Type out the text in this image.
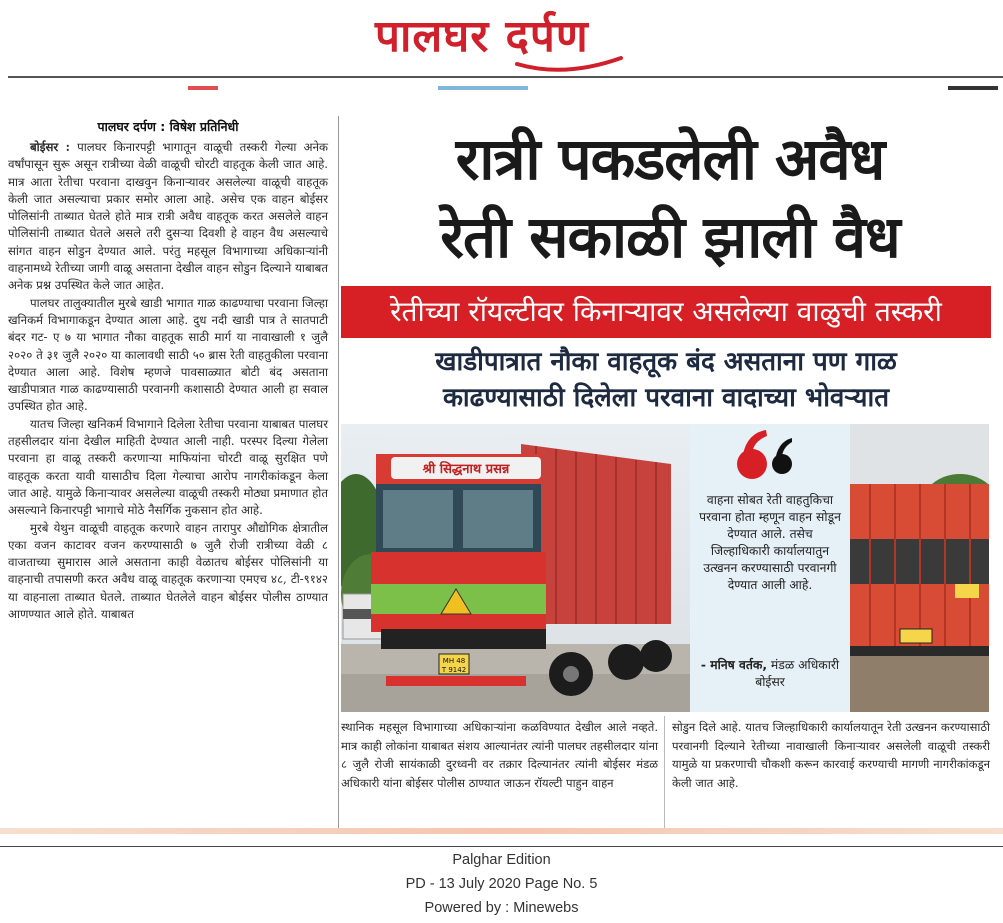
पालघर दर्पण
पालघर दर्पण : विषेश प्रतिनिधी

बोईसर : पालघर किनारपट्टी भागातून वाळूची तस्करी गेल्या अनेक वर्षांपासून सुरू असून रात्रीच्या वेळी वाळूची चोरटी वाहतूक केली जात आहे. मात्र आता रेतीचा परवाना दाखवुन किनाऱ्यावर असलेल्या वाळूची वाहतूक केली जात असल्याचा प्रकार समोर आला आहे. असेच एक वाहन बोईसर पोलिसांनी ताब्यात घेतले होते मात्र रात्री अवैध वाहतूक करत असलेले वाहन पोलिसांनी ताब्यात घेतले असले तरी दुसऱ्या दिवशी हे वाहन वैध असल्याचे सांगत वाहन सोडुन देण्यात आले. परंतु महसूल विभागाच्या अधिकाऱ्यांनी वाहनामध्ये रेतीच्या जागी वाळू असताना देखील वाहन सोडुन दिल्याने याबाबत अनेक प्रश्न उपस्थित केले जात आहेत.

पालघर तालुक्यातील मुरबे खाडी भागात गाळ काढण्याचा परवाना जिल्हा खनिकर्म विभागाकडून देण्यात आला आहे. दुध नदी खाडी पात्र ते सातपाटी बंदर गट- ए ७ या भागात नौका वाहतूक साठी मार्ग या नावाखाली १ जुलै २०२० ते ३१ जुलै २०२० या कालावधी साठी ५० ब्रास रेती वाहतुकीला परवाना देण्यात आला आहे. विशेष म्हणजे पावसाळ्यात बोटी बंद असताना खाडीपात्रात गाळ काढण्यासाठी परवानगी कशासाठी देण्यात आली हा सवाल उपस्थित होत आहे.

यातच जिल्हा खनिकर्म विभागाने दिलेला रेतीचा परवाना याबाबत पालघर तहसीलदार यांना देखील माहिती देण्यात आली नाही. परस्पर दिल्या गेलेला परवाना हा वाळू तस्करी करणाऱ्या माफियांना चोरटी वाळू सुरक्षित पणे वाहतूक करता यावी यासाठीच दिला गेल्याचा आरोप नागरीकांकडून केला जात आहे. यामुळे किनाऱ्यावर असलेल्या वाळूची तस्करी मोठ्या प्रमाणात होत असल्याने किनारपट्टी भागाचे मोठे नैसर्गिक नुकसान होत आहे.

मुरबे येथुन वाळूची वाहतूक करणारे वाहन तारापुर औद्योगिक क्षेत्रातील एका वजन काटावर वजन करण्यासाठी ७ जुलै रोजी रात्रीच्या वेळी ८ वाजताच्या सुमारास आले असताना काही वेळातच बोईसर पोलिसांनी या वाहनाची तपासणी करत अवैध वाळू वाहतूक करणाऱ्या एमएच ४८, टी-९१४२ या वाहनाला ताब्यात घेतले. ताब्यात घेतलेले वाहन बोईसर पोलीस ठाण्यात आणण्यात आले होते. याबाबत

रात्री पकडलेली अवैध
रेती सकाळी झाली वैध
रेतीच्या रॉयल्टीवर किनाऱ्यावर असलेल्या वाळुची तस्करी
खाडीपात्रात नौका वाहतूक बंद असताना पण गाळ
काढण्यासाठी दिलेला परवाना वादाच्या भोवऱ्यात
श्री सिद्धनाथ प्रसन्न
MH 48
T 9142
वाहना सोबत रेती वाहतुकिचा परवाना होता म्हणून वाहन सोडून देण्यात आले. तसेच जिल्हाधिकारी कार्यालयातुन उत्खनन करण्यासाठी परवानगी देण्यात आली आहे.
- मनिष वर्तक, मंडळ अधिकारी बोईसर
स्थानिक महसूल विभागाच्या अधिकाऱ्यांना कळविण्यात देखील आले नव्हते. मात्र काही लोकांना याबाबत संशय आल्यानंतर त्यांनी पालघर तहसीलदार यांना ८ जुलै रोजी सायंकाळी दुरध्वनी वर तक्रार दिल्यानंतर त्यांनी बोईसर मंडळ अधिकारी यांना बोईसर पोलीस ठाण्यात जाऊन रॉयल्टी पाहुन वाहन
सोडुन दिले आहे. यातच जिल्हाधिकारी कार्यालयातून रेती उत्खनन करण्यासाठी परवानगी दिल्याने रेतीच्या नावाखाली किनाऱ्यावर असलेली वाळूची तस्करी यामुळे या प्रकरणाची चौकशी करून कारवाई करण्याची मागणी नागरीकांकडून केली जात आहे.
Palghar Edition
PD - 13 July 2020 Page No. 5
Powered by : Minewebs
